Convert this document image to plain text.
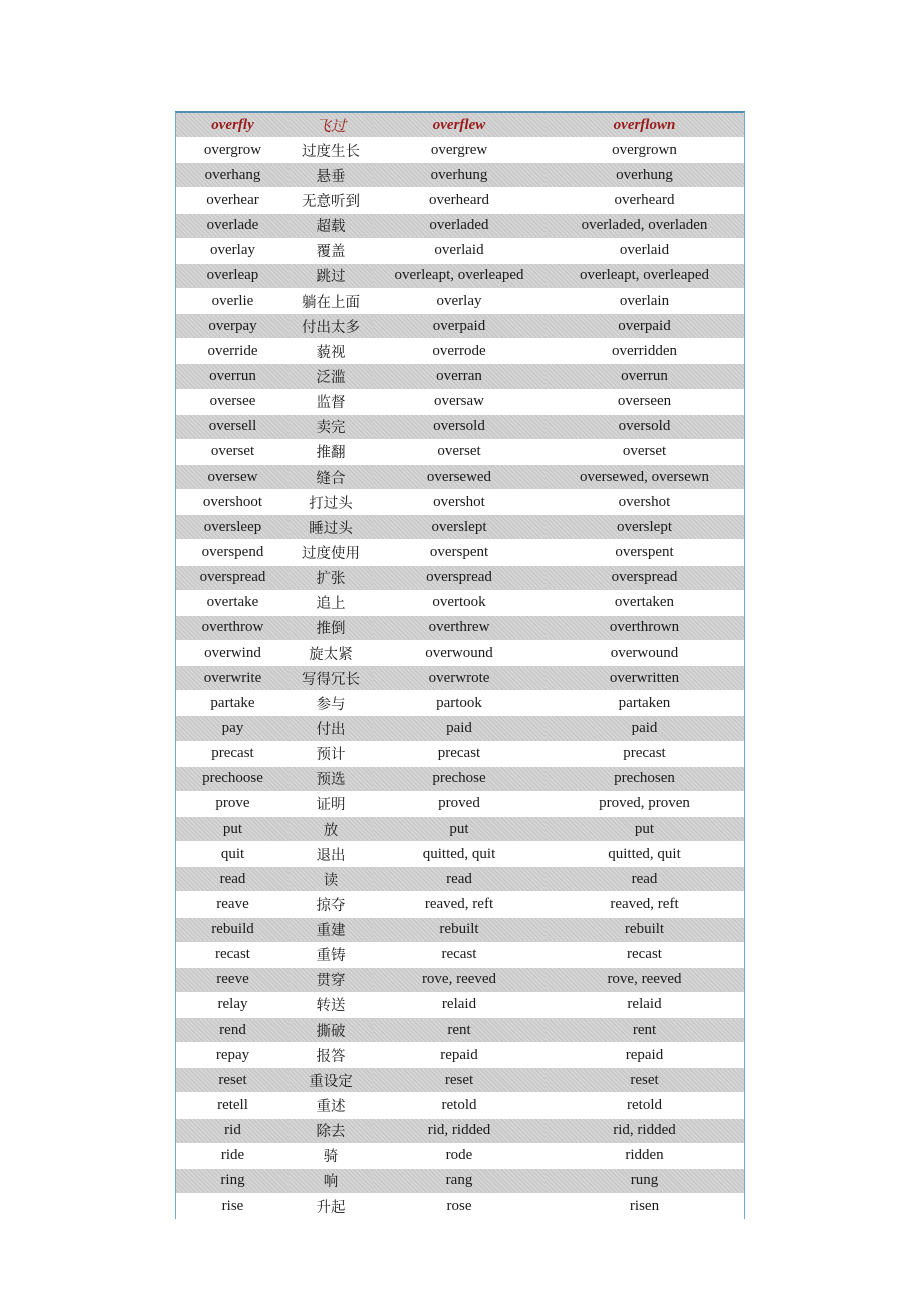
overfly	飞过	overflew	overflown
overgrow	过度生长	overgrew	overgrown
overhang	悬垂	overhung	overhung
overhear	无意听到	overheard	overheard
overlade	超载	overladed	overladed, overladen
overlay	覆盖	overlaid	overlaid
overleap	跳过	overleapt, overleaped	overleapt, overleaped
overlie	躺在上面	overlay	overlain
overpay	付出太多	overpaid	overpaid
override	藐视	overrode	overridden
overrun	泛滥	overran	overrun
oversee	监督	oversaw	overseen
oversell	卖完	oversold	oversold
overset	推翻	overset	overset
oversew	缝合	oversewed	oversewed, oversewn
overshoot	打过头	overshot	overshot
oversleep	睡过头	overslept	overslept
overspend	过度使用	overspent	overspent
overspread	扩张	overspread	overspread
overtake	追上	overtook	overtaken
overthrow	推倒	overthrew	overthrown
overwind	旋太紧	overwound	overwound
overwrite	写得冗长	overwrote	overwritten
partake	参与	partook	partaken
pay	付出	paid	paid
precast	预计	precast	precast
prechoose	预选	prechose	prechosen
prove	证明	proved	proved, proven
put	放	put	put
quit	退出	quitted, quit	quitted, quit
read	读	read	read
reave	掠夺	reaved, reft	reaved, reft
rebuild	重建	rebuilt	rebuilt
recast	重铸	recast	recast
reeve	贯穿	rove, reeved	rove, reeved
relay	转送	relaid	relaid
rend	撕破	rent	rent
repay	报答	repaid	repaid
reset	重设定	reset	reset
retell	重述	retold	retold
rid	除去	rid, ridded	rid, ridded
ride	骑	rode	ridden
ring	响	rang	rung
rise	升起	rose	risen
